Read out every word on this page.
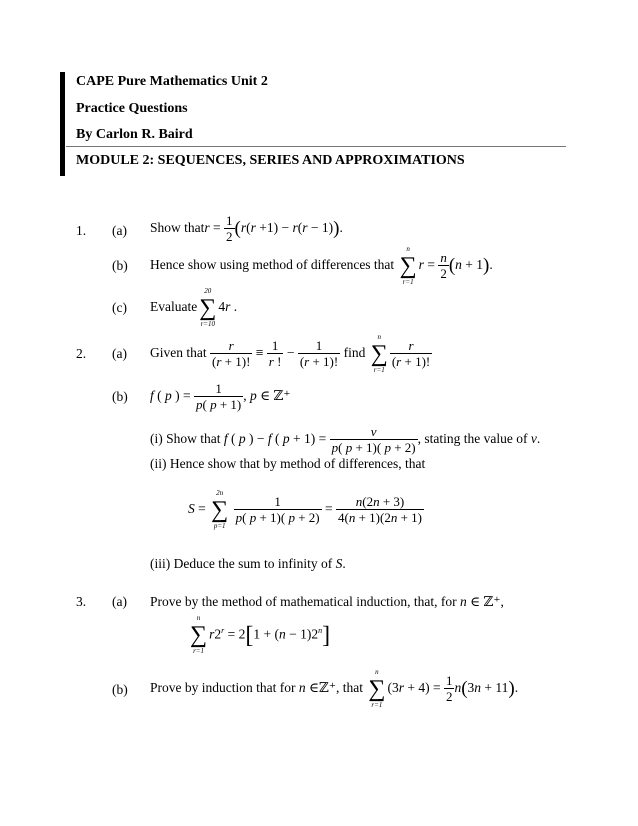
CAPE Pure Mathematics Unit 2
Practice Questions
By Carlon R. Baird
MODULE 2: SEQUENCES, SERIES AND APPROXIMATIONS
1. (a) Show thatr = $\frac{1}{2} (r(r +1) - r(r - 1))$.
(b) Hence show using method of differences that
n
∑
r=1
$r = \frac{n}{2} (n + 1)$.
(c) Evaluate
20
∑
r=10
4r .
2. (a) Given that $\frac{r}{(r + 1)!} \equiv \frac{1}{r !} - \frac{1}{(r + 1)!}$ find
n
∑
r=1
$\frac{r}{(r + 1)!}$
(b) f ( p ) = $\frac{1}{p( p + 1)}$ , p ∈ ℤ⁺
(i) Show that f ( p ) − f ( $p + 1) = \frac{v}{p( p + 1)( p + 2)}$ , stating the value of v.
(ii) Hence show that by method of differences, that
S =
2n
∑
p=1

$\frac{1}{p( p + 1)( p + 2)} = \frac{n(2n + 3)}{4(n + 1)(2n + 1)}$
(iii) Deduce the sum to infinity of S.
3. (a) Prove by the method of mathematical induction, that, for n ∈ ℤ⁺,
n
∑
r=1
$r2^r = 2[1 + (n - 1)2^n]$
(b) Prove by induction that for n ∈ℤ⁺, that
n
∑
r=1
$(3r + 4) = \frac{1}{2} n(3n + 11)$.
